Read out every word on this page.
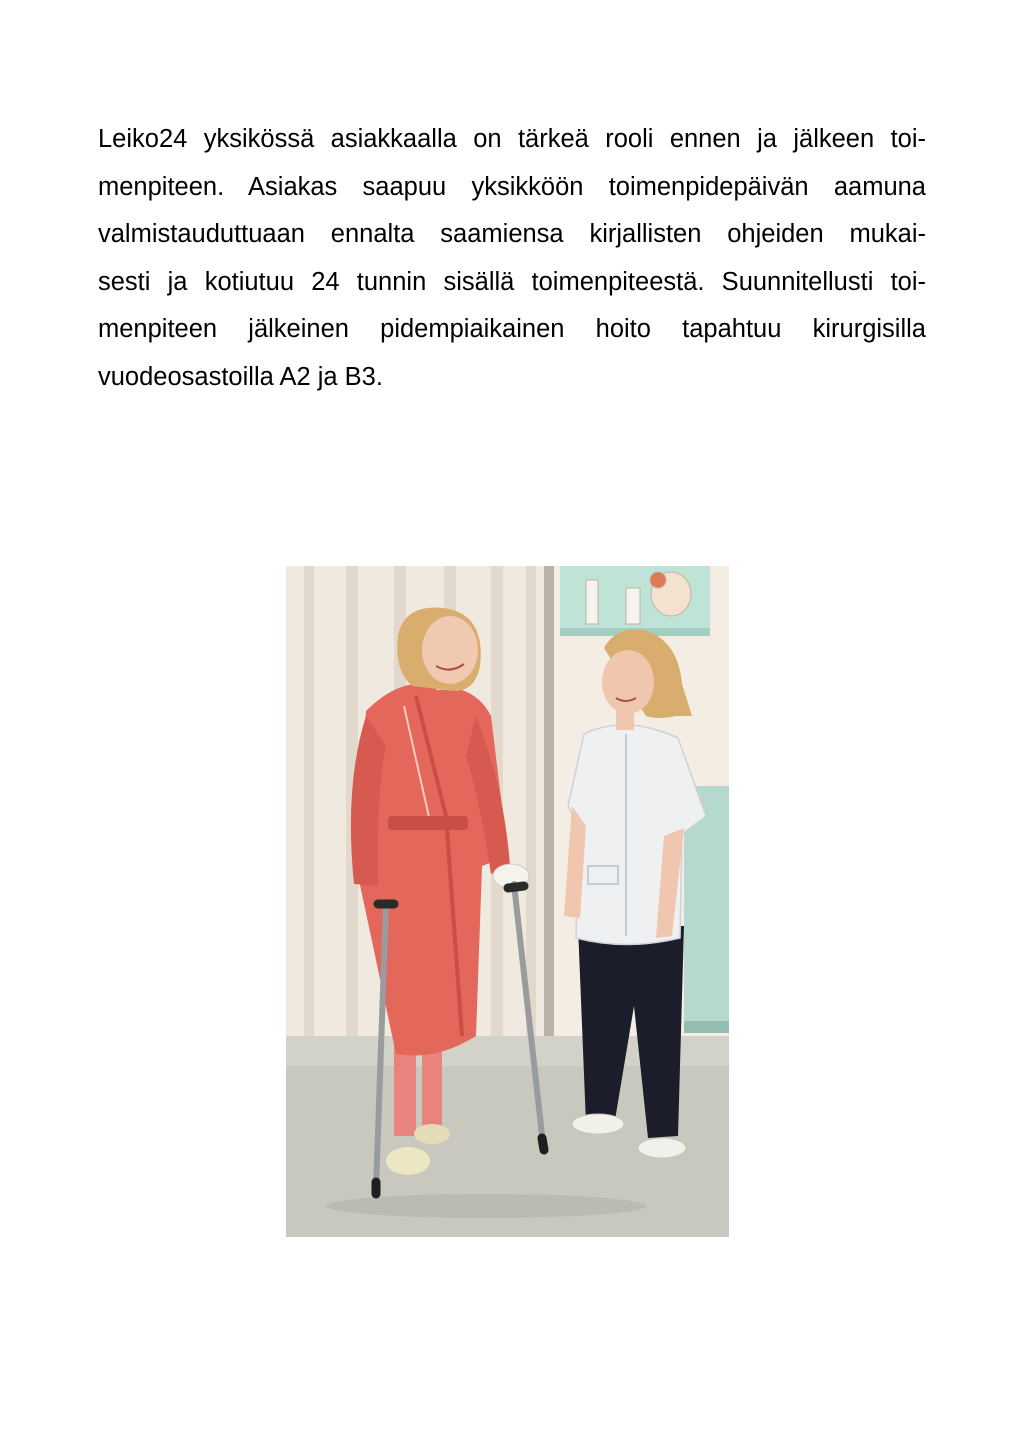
Leiko24 yksikössä asiakkaalla on tärkeä rooli ennen ja jälkeen toi-
menpiteen. Asiakas saapuu yksikköön toimenpidepäivän aamuna
valmistauduttuaan ennalta saamiensa kirjallisten ohjeiden mukai-
sesti ja kotiutuu 24 tunnin sisällä toimenpiteestä. Suunnitellusti toi-
menpiteen jälkeinen pidempiaikainen hoito tapahtuu kirurgisilla
vuodeosastoilla A2 ja B3.
